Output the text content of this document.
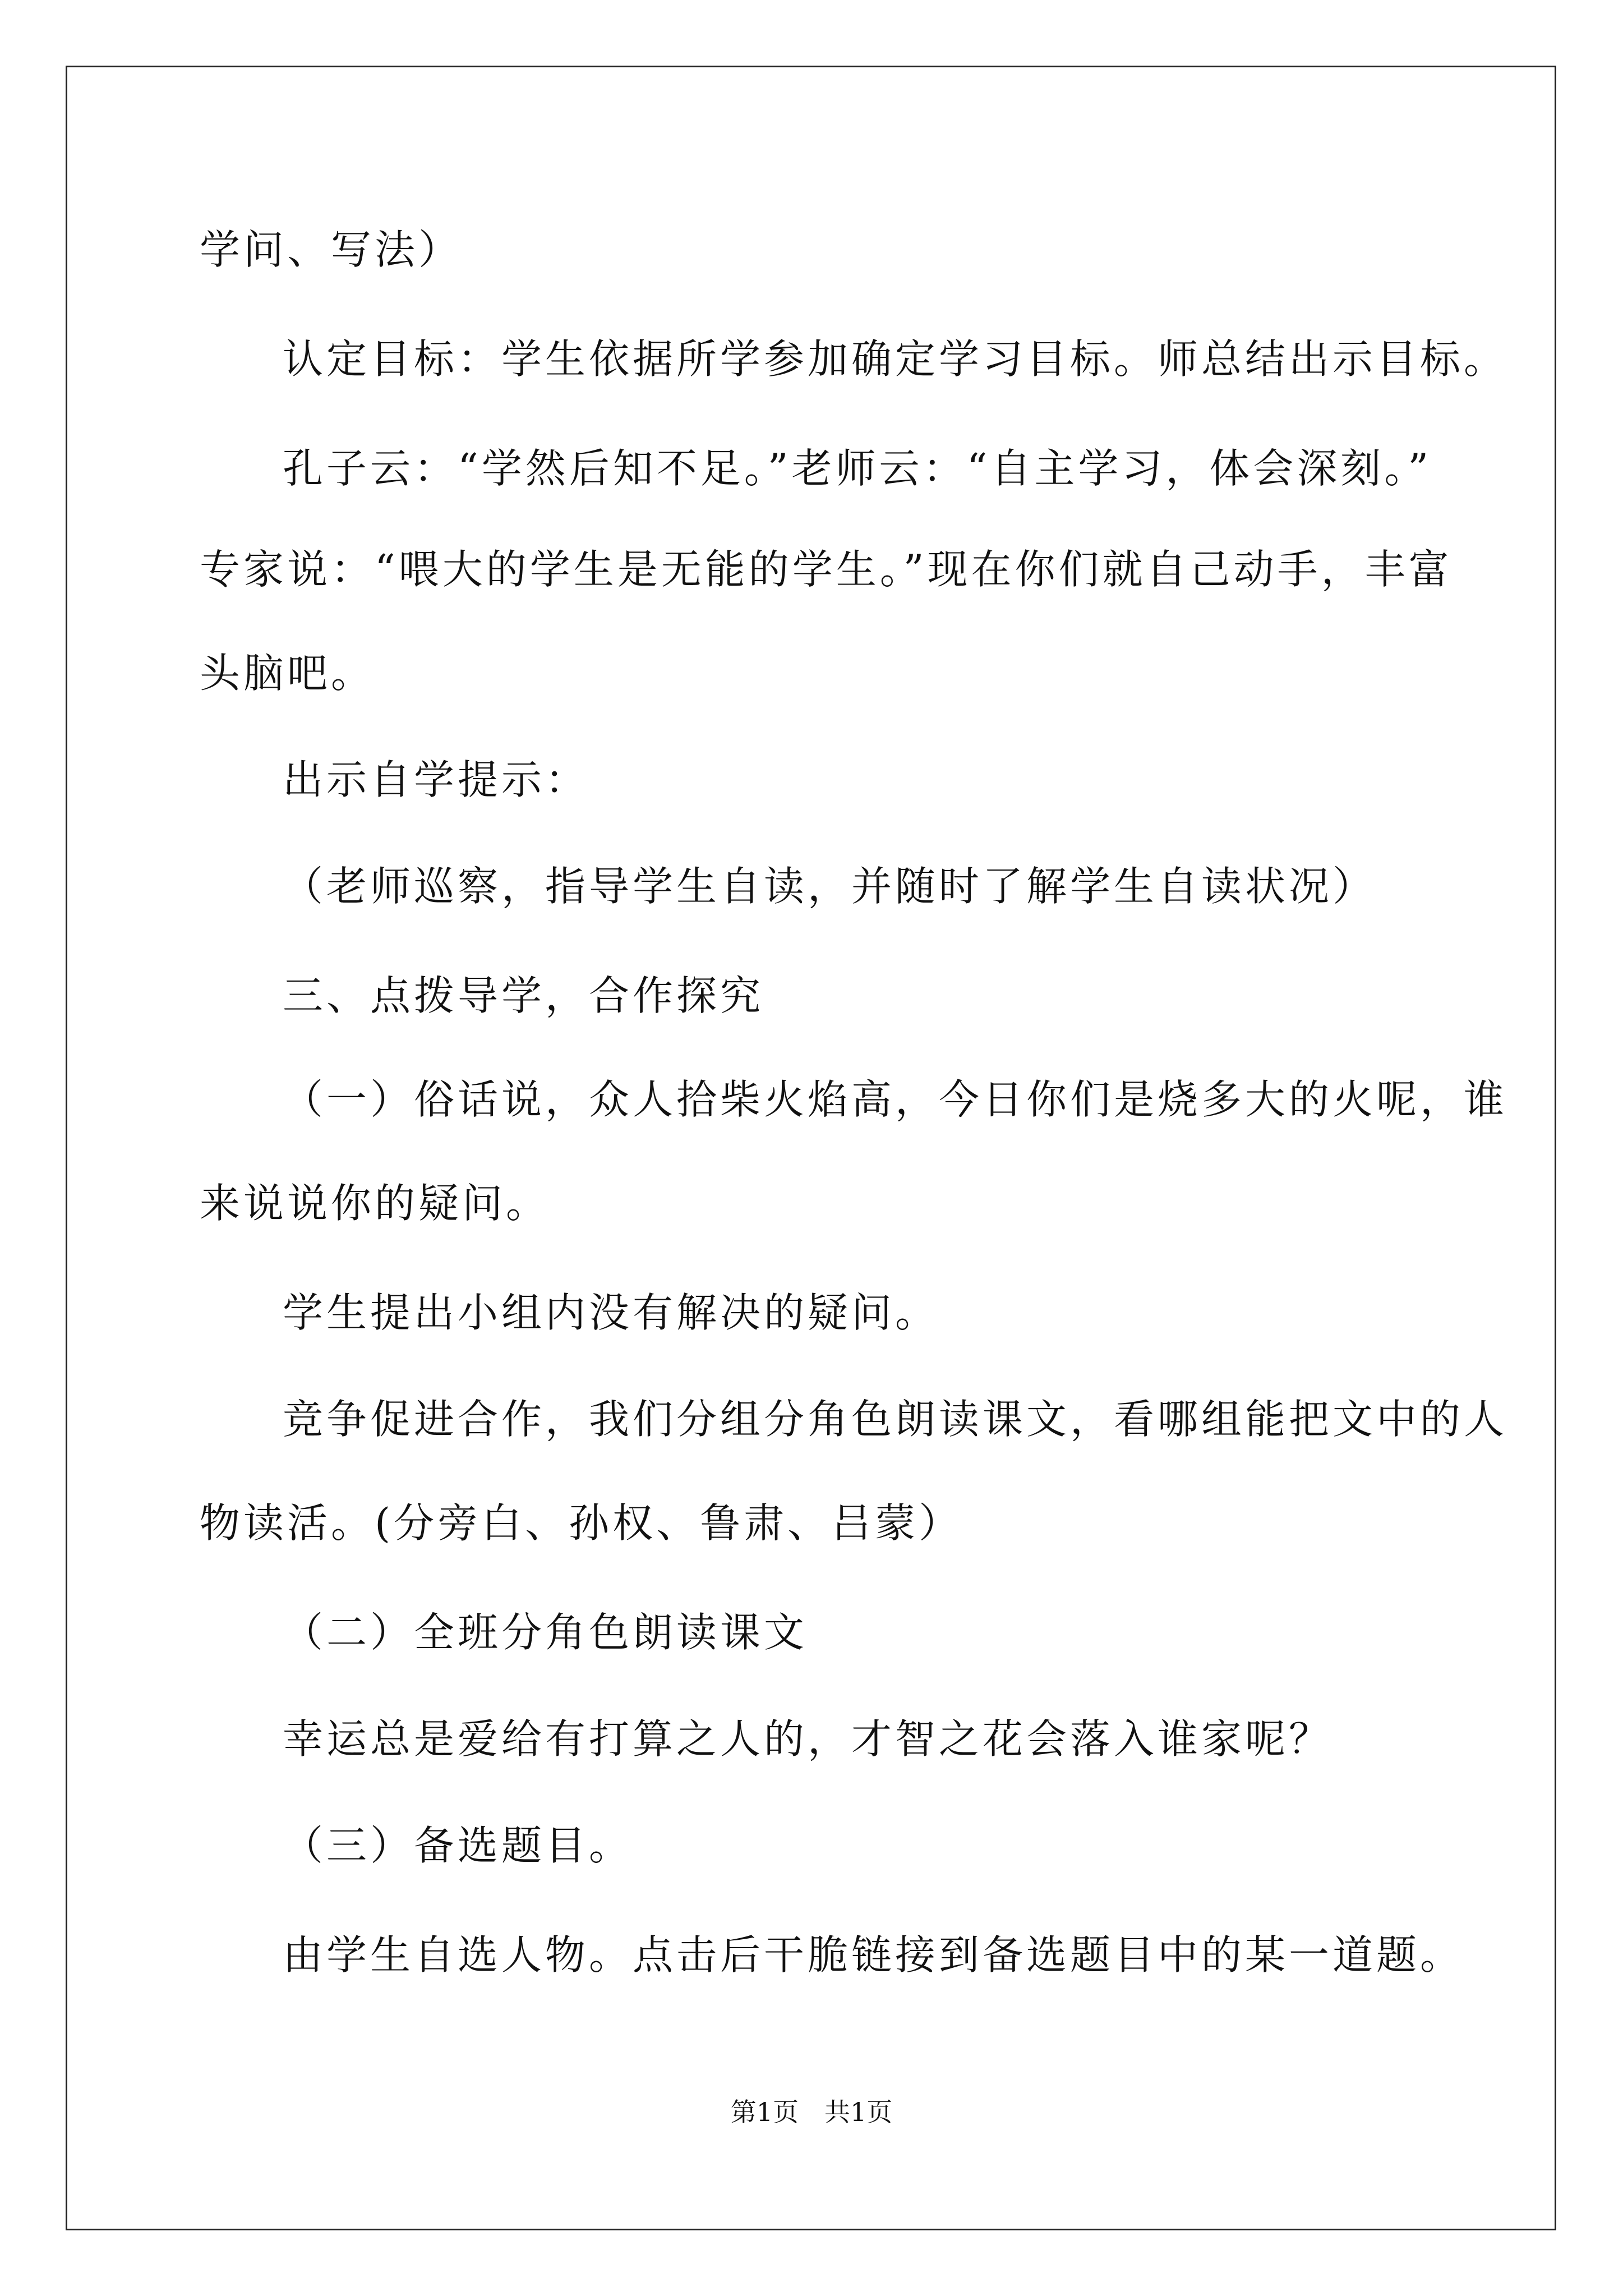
学问、写法）
认定目标：学生依据所学参加确定学习目标。师总结出示目标。
孔子云：“学然后知不足。”老师云：“自主学习，体会深刻。”
专家说：“喂大的学生是无能的学生。”现在你们就自己动手，丰富
头脑吧。
出示自学提示：
（老师巡察，指导学生自读，并随时了解学生自读状况）
三、点拨导学，合作探究
（一）俗话说，众人拾柴火焰高，今日你们是烧多大的火呢，谁
来说说你的疑问。
学生提出小组内没有解决的疑问。
竞争促进合作，我们分组分角色朗读课文，看哪组能把文中的人
物读活。(分旁白、孙权、鲁肃、吕蒙）
（二）全班分角色朗读课文
幸运总是爱给有打算之人的，才智之花会落入谁家呢？
（三）备选题目。
由学生自选人物。点击后干脆链接到备选题目中的某一道题。
第1页　共1页
